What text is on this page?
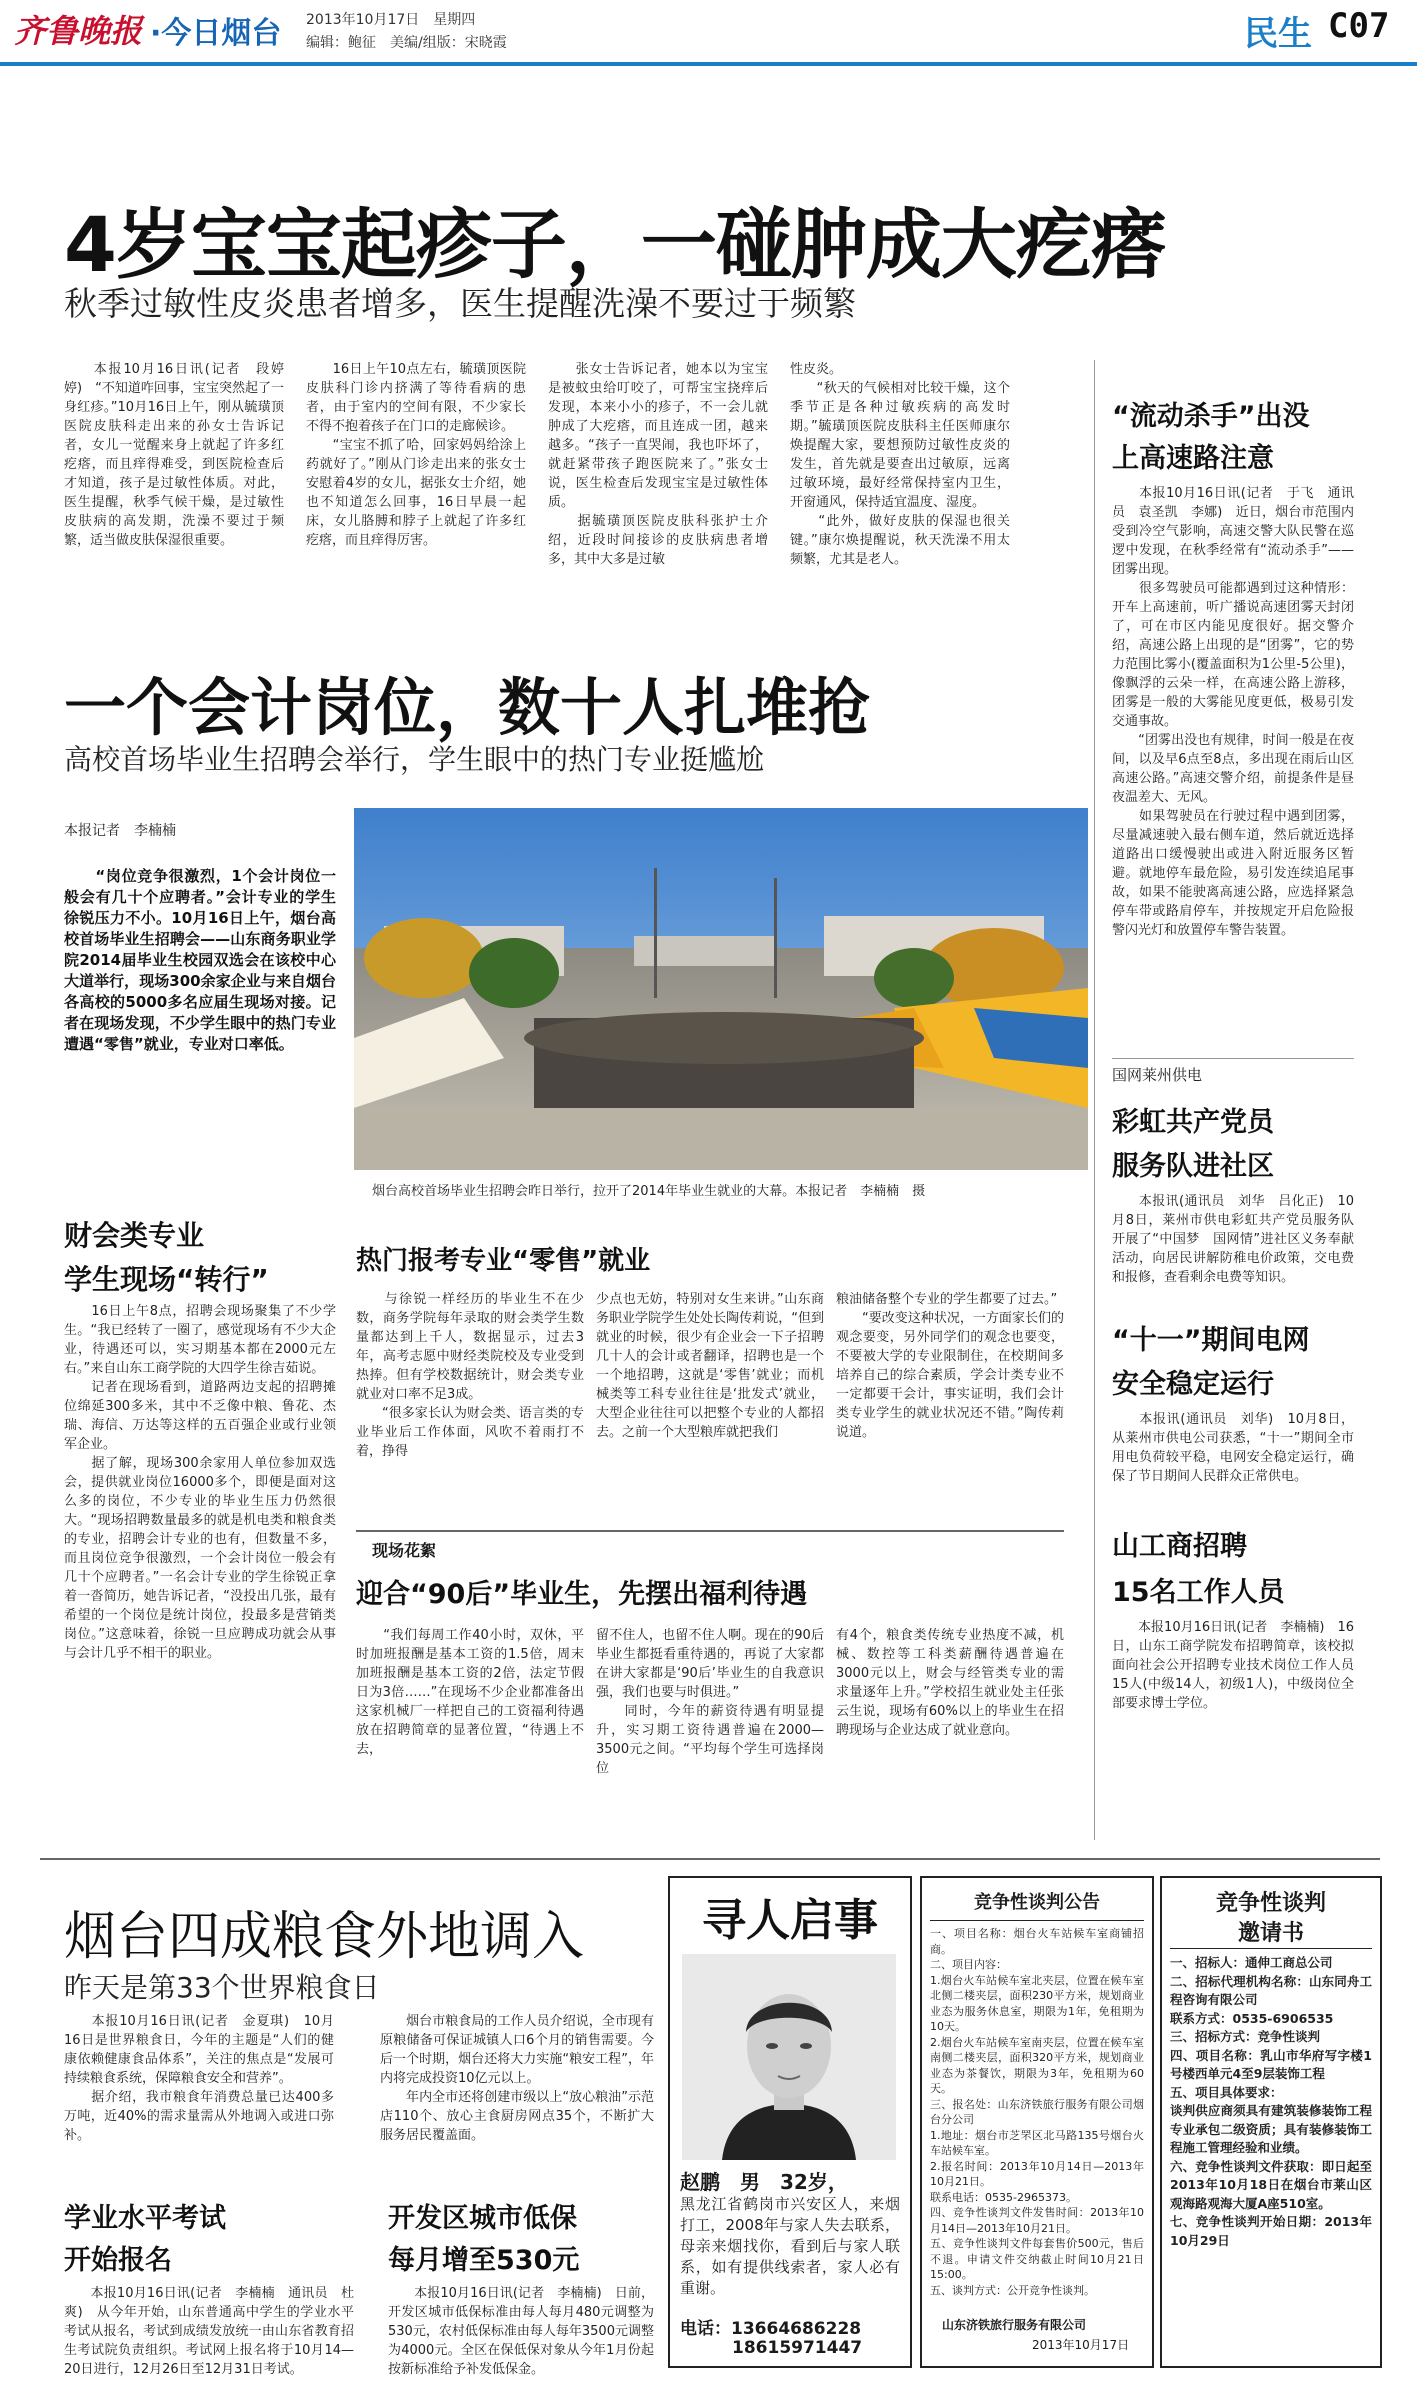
齐鲁晚报 ·今日烟台 2013年10月17日　星期四
编辑：鲍征　美编/组版：宋晓霞	民生 C07
4岁宝宝起疹子，一碰肿成大疙瘩
秋季过敏性皮炎患者增多，医生提醒洗澡不要过于频繁
　　本报10月16日讯(记者　段婷婷)　“不知道咋回事，宝宝突然起了一身红疹。”10月16日上午，刚从毓璜顶医院皮肤科走出来的孙女士告诉记者，女儿一觉醒来身上就起了许多红疙瘩，而且痒得难受，到医院检查后才知道，孩子是过敏性体质。对此，医生提醒，秋季气候干燥，是过敏性皮肤病的高发期，洗澡不要过于频繁，适当做皮肤保湿很重要。
　　16日上午10点左右，毓璜顶医院皮肤科门诊内挤满了等待看病的患者，由于室内的空间有限，不少家长不得不抱着孩子在门口的走廊候诊。
　　“宝宝不抓了哈，回家妈妈给涂上药就好了。”刚从门诊走出来的张女士安慰着4岁的女儿，据张女士介绍，她也不知道怎么回事，16日早晨一起床，女儿胳膊和脖子上就起了许多红疙瘩，而且痒得厉害。
　　张女士告诉记者，她本以为宝宝是被蚊虫给叮咬了，可帮宝宝挠痒后发现，本来小小的疹子，不一会儿就肿成了大疙瘩，而且连成一团，越来越多。“孩子一直哭闹，我也吓坏了，就赶紧带孩子跑医院来了。”张女士说，医生检查后发现宝宝是过敏性体质。
　　据毓璜顶医院皮肤科张护士介绍，近段时间接诊的皮肤病患者增多，其中大多是过敏
性皮炎。
　　“秋天的气候相对比较干燥，这个季节正是各种过敏疾病的高发时期。”毓璜顶医院皮肤科主任医师康尔焕提醒大家，要想预防过敏性皮炎的发生，首先就是要查出过敏原，远离过敏环境，最好经常保持室内卫生，开窗通风，保持适宜温度、湿度。
　　“此外，做好皮肤的保湿也很关键。”康尔焕提醒说，秋天洗澡不用太频繁，尤其是老人。
一个会计岗位，数十人扎堆抢
高校首场毕业生招聘会举行，学生眼中的热门专业挺尴尬
本报记者　李楠楠
　　“岗位竞争很激烈，1个会计岗位一般会有几十个应聘者。”会计专业的学生徐锐压力不小。10月16日上午，烟台高校首场毕业生招聘会——山东商务职业学院2014届毕业生校园双选会在该校中心大道举行，现场300余家企业与来自烟台各高校的5000多名应届生现场对接。记者在现场发现，不少学生眼中的热门专业遭遇“零售”就业，专业对口率低。
烟台高校首场毕业生招聘会昨日举行，拉开了2014年毕业生就业的大幕。本报记者　李楠楠　摄
财会类专业
学生现场“转行”
　　16日上午8点，招聘会现场聚集了不少学生。“我已经转了一圈了，感觉现场有不少大企业，待遇还可以，实习期基本都在2000元左右。”来自山东工商学院的大四学生徐吉茹说。
　　记者在现场看到，道路两边支起的招聘摊位绵延300多米，其中不乏像中粮、鲁花、杰瑞、海信、万达等这样的五百强企业或行业领军企业。
　　据了解，现场300余家用人单位参加双选会，提供就业岗位16000多个，即便是面对这么多的岗位，不少专业的毕业生压力仍然很大。“现场招聘数量最多的就是机电类和粮食类的专业，招聘会计专业的也有，但数量不多，而且岗位竞争很激烈，一个会计岗位一般会有几十个应聘者。”一名会计专业的学生徐锐正拿着一沓简历，她告诉记者，“没投出几张，最有希望的一个岗位是统计岗位，投最多是营销类岗位。”这意味着，徐锐一旦应聘成功就会从事与会计几乎不相干的职业。
热门报考专业“零售”就业
　　与徐锐一样经历的毕业生不在少数，商务学院每年录取的财会类学生数量都达到上千人，数据显示，过去3年，高考志愿中财经类院校及专业受到热捧。但有学校数据统计，财会类专业就业对口率不足3成。
　　“很多家长认为财会类、语言类的专业毕业后工作体面，风吹不着雨打不着，挣得
少点也无妨，特别对女生来讲。”山东商务职业学院学生处处长陶传莉说，“但到就业的时候，很少有企业会一下子招聘几十人的会计或者翻译，招聘也是一个一个地招聘，这就是‘零售’就业；而机械类等工科专业往往是‘批发式’就业，大型企业往往可以把整个专业的人都招去。之前一个大型粮库就把我们
粮油储备整个专业的学生都要了过去。”
　　“要改变这种状况，一方面家长们的观念要变，另外同学们的观念也要变，不要被大学的专业限制住，在校期间多培养自己的综合素质，学会计类专业不一定都要干会计，事实证明，我们会计类专业学生的就业状况还不错。”陶传莉说道。
现场花絮
迎合“90后”毕业生，先摆出福利待遇
　　“我们每周工作40小时，双休，平时加班报酬是基本工资的1.5倍，周末加班报酬是基本工资的2倍，法定节假日为3倍……”在现场不少企业都准备出这家机械厂一样把自己的工资福利待遇放在招聘简章的显著位置，“待遇上不去，
留不住人，也留不住人啊。现在的90后毕业生都挺看重待遇的，再说了大家都在讲大家都是‘90后’毕业生的自我意识强，我们也要与时俱进。”
　　同时，今年的薪资待遇有明显提升，实习期工资待遇普遍在2000—3500元之间。“平均每个学生可选择岗位
有4个，粮食类传统专业热度不减，机械、数控等工科类薪酬待遇普遍在3000元以上，财会与经管类专业的需求量逐年上升。”学校招生就业处主任张云生说，现场有60%以上的毕业生在招聘现场与企业达成了就业意向。
“流动杀手”出没
上高速路注意
　　本报10月16日讯(记者　于飞　通讯员　袁圣凯　李娜)　近日，烟台市范围内受到冷空气影响，高速交警大队民警在巡逻中发现，在秋季经常有“流动杀手”——团雾出现。
　　很多驾驶员可能都遇到过这种情形：开车上高速前，听广播说高速团雾天封闭了，可在市区内能见度很好。据交警介绍，高速公路上出现的是“团雾”，它的势力范围比雾小(覆盖面积为1公里-5公里)，像飘浮的云朵一样，在高速公路上游移，团雾是一般的大雾能见度更低，极易引发交通事故。
　　“团雾出没也有规律，时间一般是在夜间，以及早6点至8点，多出现在雨后山区高速公路。”高速交警介绍，前提条件是昼夜温差大、无风。
　　如果驾驶员在行驶过程中遇到团雾，尽量减速驶入最右侧车道，然后就近选择道路出口缓慢驶出或进入附近服务区暂避。就地停车最危险，易引发连续追尾事故，如果不能驶离高速公路，应选择紧急停车带或路肩停车，并按规定开启危险报警闪光灯和放置停车警告装置。
国网莱州供电
彩虹共产党员
服务队进社区
　　本报讯(通讯员　刘华　吕化正)　10月8日，莱州市供电彩虹共产党员服务队开展了“中国梦　国网情”进社区义务奉献活动，向居民讲解防稚电价政策，交电费和报修，查看剩余电费等知识。
“十一”期间电网
安全稳定运行
　　本报讯(通讯员　刘华)　10月8日，从莱州市供电公司获悉，“十一”期间全市用电负荷较平稳，电网安全稳定运行，确保了节日期间人民群众正常供电。
山工商招聘
15名工作人员
　　本报10月16日讯(记者　李楠楠)　16日，山东工商学院发布招聘简章，该校拟面向社会公开招聘专业技术岗位工作人员15人(中级14人，初级1人)，中级岗位全部要求博士学位。
烟台四成粮食外地调入
昨天是第33个世界粮食日
　　本报10月16日讯(记者　金夏琪)　10月16日是世界粮食日，今年的主题是“人们的健康依赖健康食品体系”，关注的焦点是“发展可持续粮食系统，保障粮食安全和营养”。
　　据介绍，我市粮食年消费总量已达400多万吨，近40%的需求量需从外地调入或进口弥补。
　　烟台市粮食局的工作人员介绍说，全市现有原粮储备可保证城镇人口6个月的销售需要。今后一个时期，烟台还将大力实施“粮安工程”，年内将完成投资10亿元以上。
　　年内全市还将创建市级以上“放心粮油”示范店110个、放心主食厨房网点35个，不断扩大服务居民覆盖面。
学业水平考试
开始报名
　　本报10月16日讯(记者　李楠楠　通讯员　杜爽)　从今年开始，山东普通高中学生的学业水平考试从报名，考试到成绩发放统一由山东省教育招生考试院负责组织。考试网上报名将于10月14—20日进行，12月26日至12月31日考试。
开发区城市低保
每月增至530元
　　本报10月16日讯(记者　李楠楠)　日前，开发区城市低保标准由每人每月480元调整为530元，农村低保标准由每人每年3500元调整为4000元。全区在保低保对象从今年1月份起按新标准给予补发低保金。
寻人启事
赵鹏　男　32岁，
黑龙江省鹤岗市兴安区人，来烟打工，2008年与家人失去联系，母亲来烟找你，看到后与家人联系，如有提供线索者，家人必有重谢。
电话：13664686228
18615971447
竞争性谈判公告
一、项目名称：烟台火车站候车室商铺招商。
二、项目内容：
1.烟台火车站候车室北夹层，位置在候车室北侧二楼夹层，面积230平方米，规划商业业态为服务休息室，期限为1年，免租期为10天。
2.烟台火车站候车室南夹层，位置在候车室南侧二楼夹层，面积320平方米，规划商业业态为茶餐饮，期限为3年，免租期为60天。
三、报名处：山东济铁旅行服务有限公司烟台分公司
1.地址：烟台市芝罘区北马路135号烟台火车站候车室。
2.报名时间：2013年10月14日—2013年10月21日。
联系电话：0535-2965373。
四、竞争性谈判文件发售时间：2013年10月14日—2013年10月21日。
五、竞争性谈判文件每套售价500元，售后不退。申请文件交纳截止时间10月21日15:00。
五、谈判方式：公开竞争性谈判。
山东济铁旅行服务有限公司
2013年10月17日
竞争性谈判
邀请书
一、招标人：通伸工商总公司
二、招标代理机构名称：山东同舟工程咨询有限公司
联系方式：0535-6906535
三、招标方式：竞争性谈判
四、项目名称：乳山市华府写字楼1号楼西单元4至9层装饰工程
五、项目具体要求：
谈判供应商须具有建筑装修装饰工程专业承包二级资质；具有装修装饰工程施工管理经验和业绩。
六、竞争性谈判文件获取：即日起至2013年10月18日在烟台市莱山区观海路观海大厦A座510室。
七、竞争性谈判开始日期：2013年10月29日
